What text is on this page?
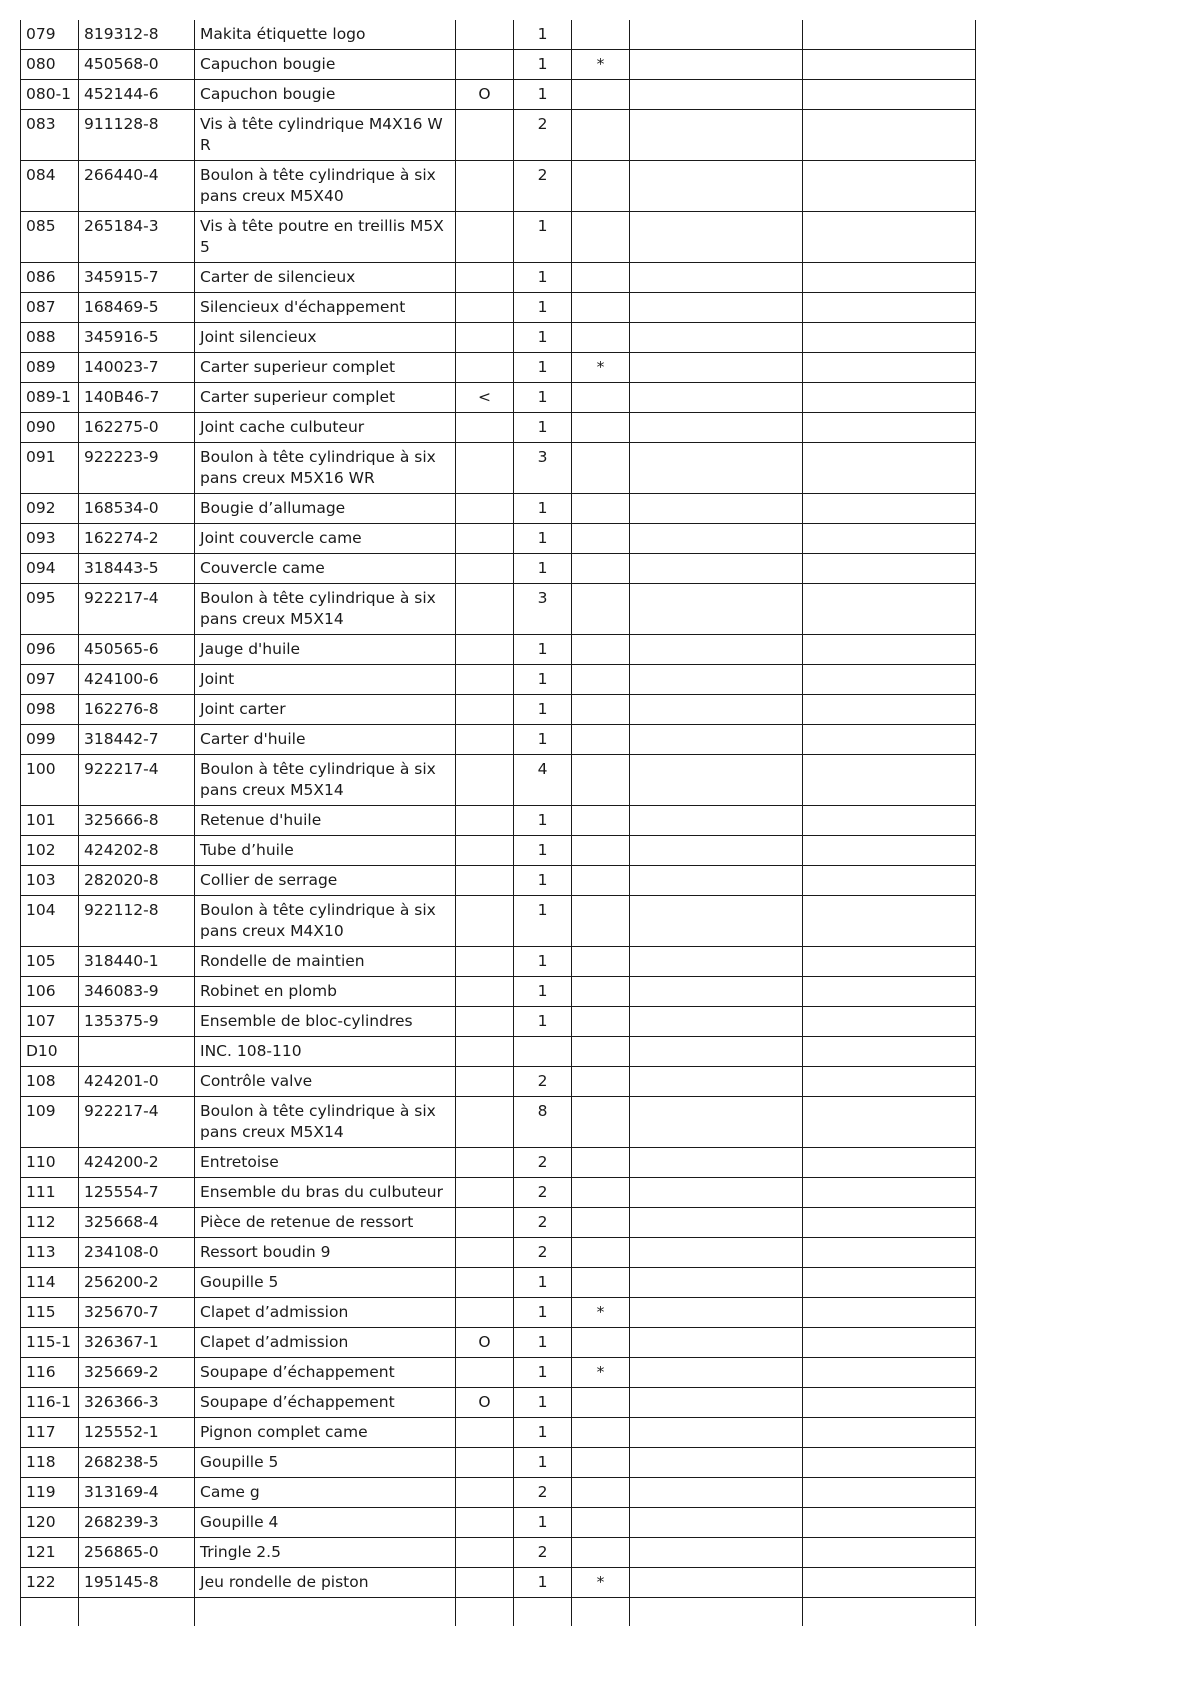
079	819312-8	Makita étiquette logo		1			
080	450568-0	Capuchon bougie		1	*		
080-1	452144-6	Capuchon bougie	O	1			
083	911128-8	Vis à tête cylindrique M4X16 WR		2			
084	266440-4	Boulon à tête cylindrique à six pans creux M5X40		2			
085	265184-3	Vis à tête poutre en treillis M5X5		1			
086	345915-7	Carter de silencieux		1			
087	168469-5	Silencieux d'échappement		1			
088	345916-5	Joint silencieux		1			
089	140023-7	Carter superieur complet		1	*		
089-1	140B46-7	Carter superieur complet	<	1			
090	162275-0	Joint cache culbuteur		1			
091	922223-9	Boulon à tête cylindrique à six pans creux M5X16 WR		3			
092	168534-0	Bougie d’allumage		1			
093	162274-2	Joint couvercle came		1			
094	318443-5	Couvercle came		1			
095	922217-4	Boulon à tête cylindrique à six pans creux M5X14		3			
096	450565-6	Jauge d'huile		1			
097	424100-6	Joint		1			
098	162276-8	Joint carter		1			
099	318442-7	Carter d'huile		1			
100	922217-4	Boulon à tête cylindrique à six pans creux M5X14		4			
101	325666-8	Retenue d'huile		1			
102	424202-8	Tube d’huile		1			
103	282020-8	Collier de serrage		1			
104	922112-8	Boulon à tête cylindrique à six pans creux M4X10		1			
105	318440-1	Rondelle de maintien		1			
106	346083-9	Robinet en plomb		1			
107	135375-9	Ensemble de bloc-cylindres		1			
D10		INC. 108-110					
108	424201-0	Contrôle valve		2			
109	922217-4	Boulon à tête cylindrique à six pans creux M5X14		8			
110	424200-2	Entretoise		2			
111	125554-7	Ensemble du bras du culbuteur		2			
112	325668-4	Pièce de retenue de ressort		2			
113	234108-0	Ressort boudin 9		2			
114	256200-2	Goupille 5		1			
115	325670-7	Clapet d’admission		1	*		
115-1	326367-1	Clapet d’admission	O	1			
116	325669-2	Soupape d’échappement		1	*		
116-1	326366-3	Soupape d’échappement	O	1			
117	125552-1	Pignon complet came		1			
118	268238-5	Goupille 5		1			
119	313169-4	Came g		2			
120	268239-3	Goupille 4		1			
121	256865-0	Tringle 2.5		2			
122	195145-8	Jeu rondelle de piston		1	*		
